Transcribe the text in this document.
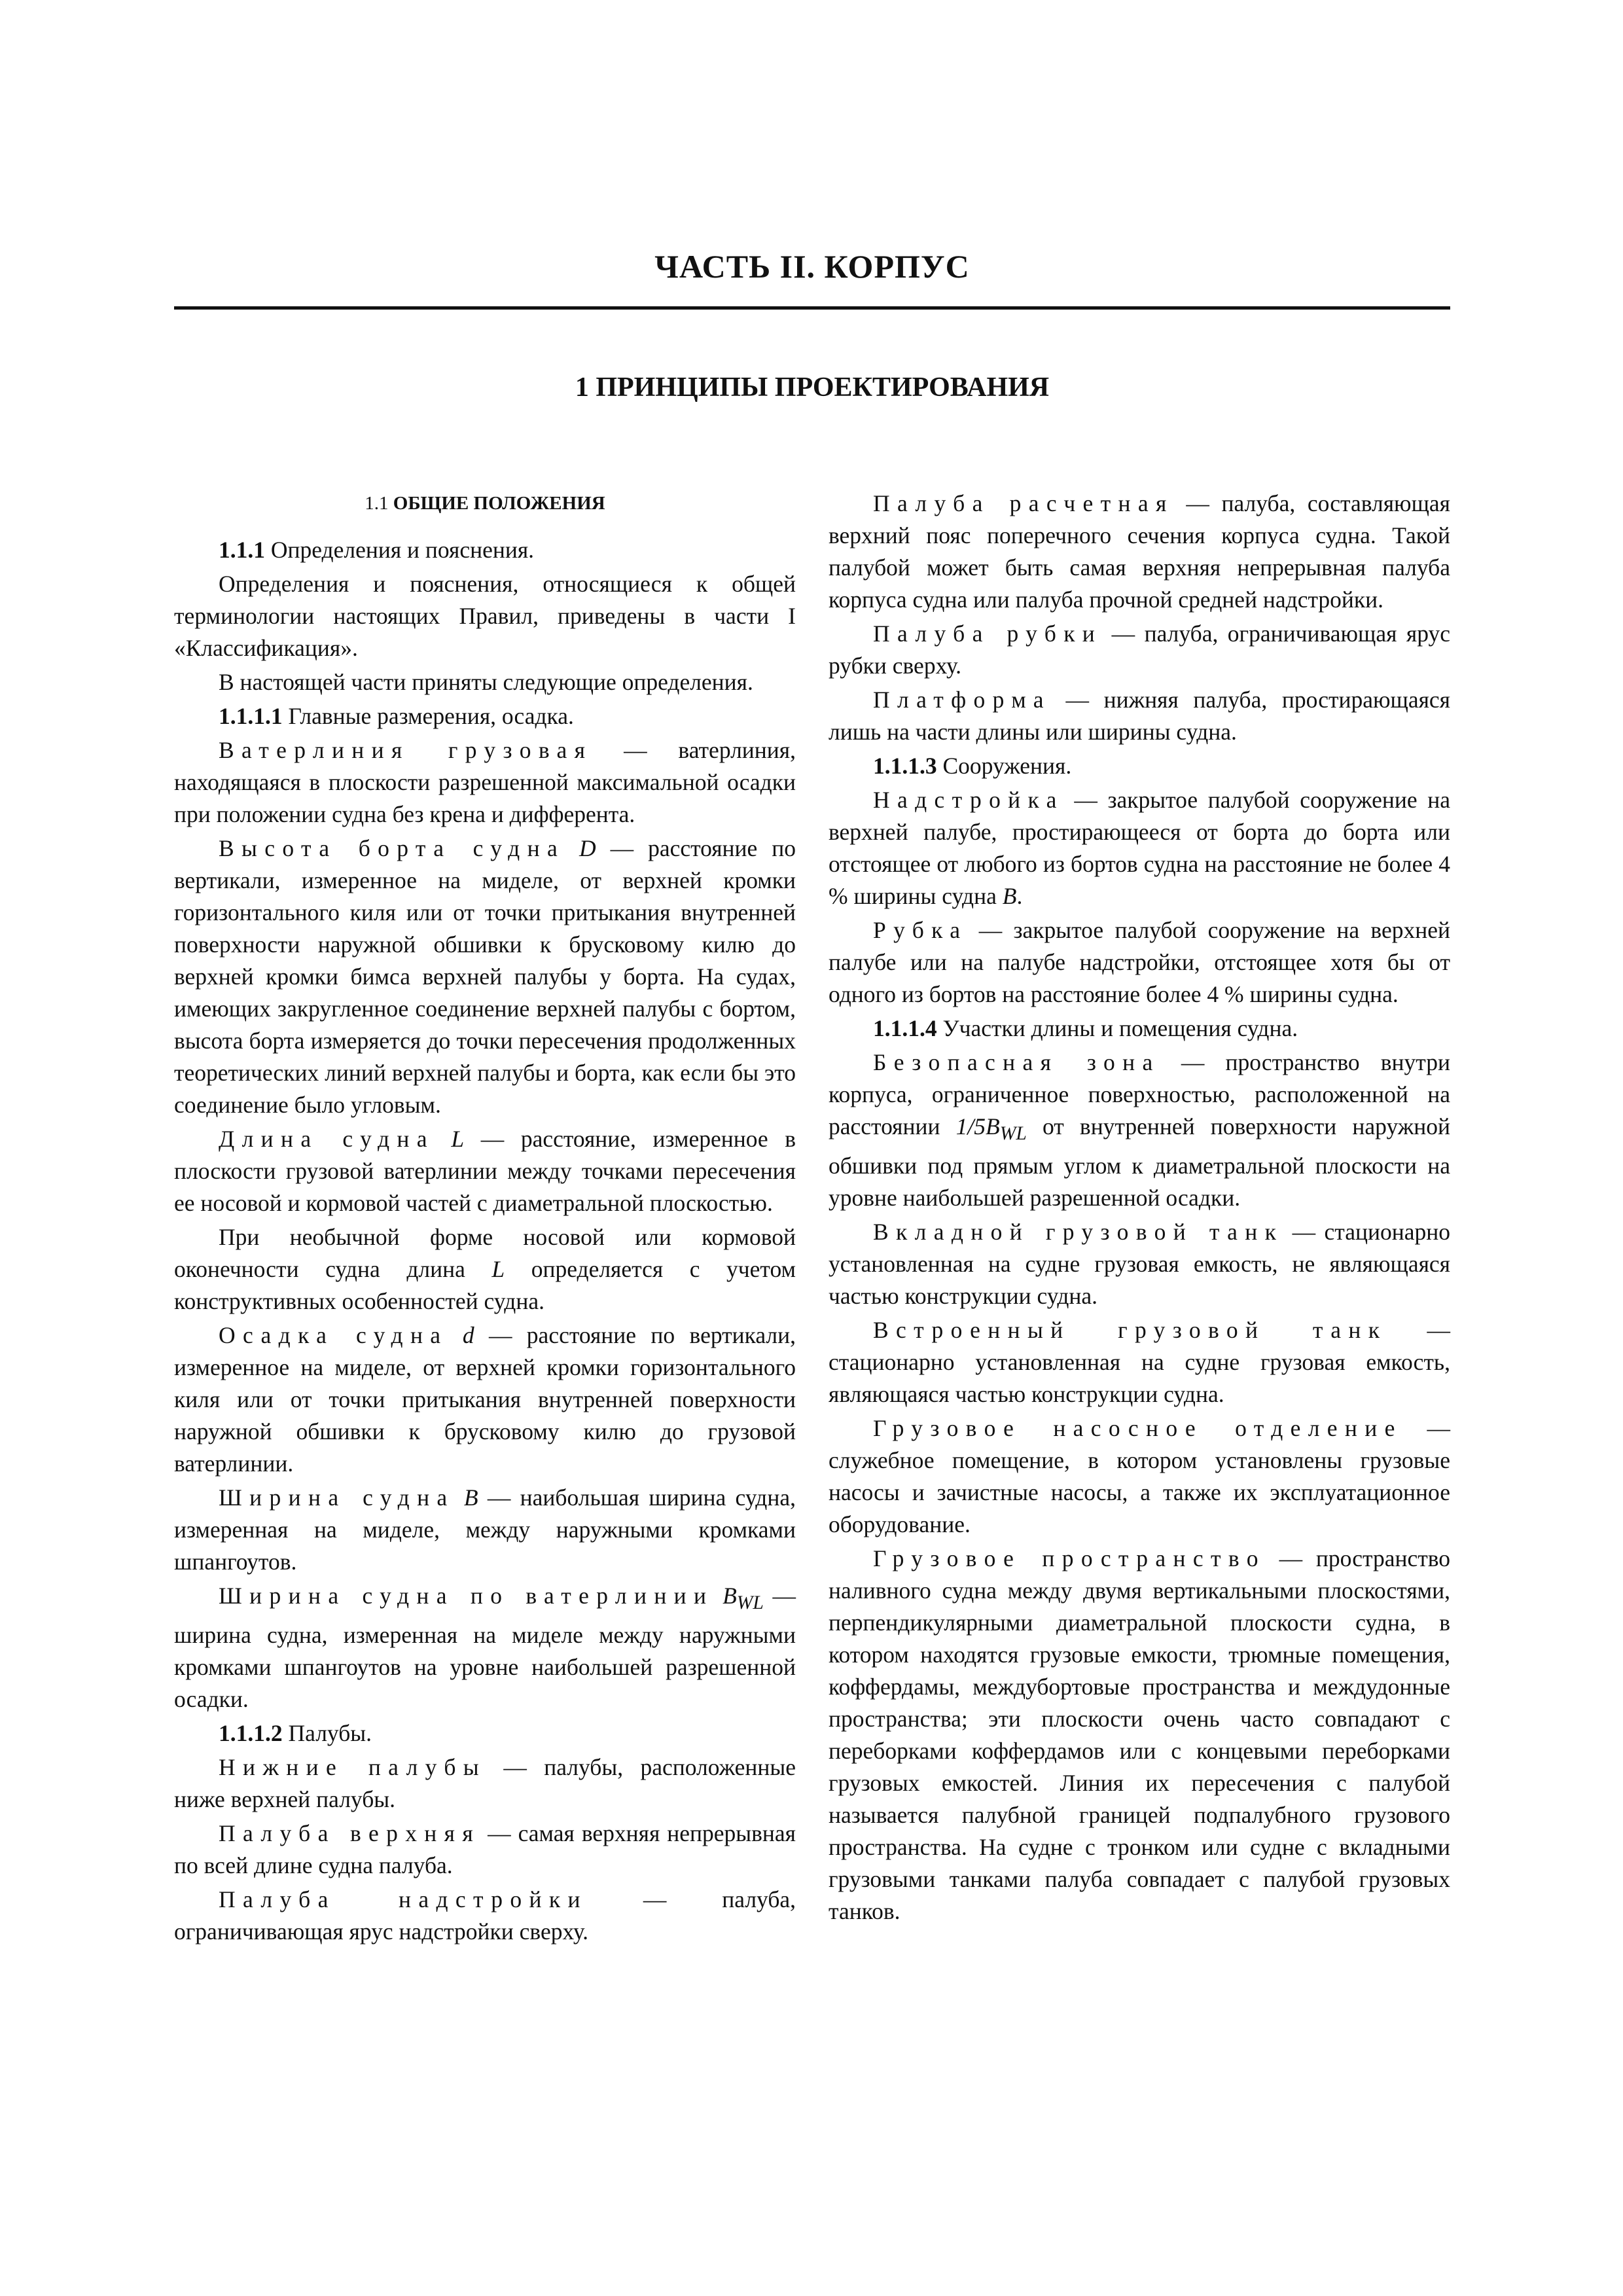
ЧАСТЬ II. КОРПУС
1 ПРИНЦИПЫ ПРОЕКТИРОВАНИЯ

1.1 ОБЩИЕ ПОЛОЖЕНИЯ

1.1.1 Определения и пояснения.

Определения и пояснения, относящиеся к общей терминологии настоящих Правил, приведены в части I «Классификация».

В настоящей части приняты следующие определения.

1.1.1.1 Главные размерения, осадка.

Ватерлиния грузовая — ватерлиния, находящаяся в плоскости разрешенной максимальной осадки при положении судна без крена и дифферента.

Высота борта судна D — расстояние по вертикали, измеренное на миделе, от верхней кромки горизонтального киля или от точки притыкания внутренней поверхности наружной обшивки к брусковому килю до верхней кромки бимса верхней палубы у борта. На судах, имеющих закругленное соединение верхней палубы с бортом, высота борта измеряется до точки пересечения продолженных теоретических линий верхней палубы и борта, как если бы это соединение было угловым.

Длина судна L — расстояние, измеренное в плоскости грузовой ватерлинии между точками пересечения ее носовой и кормовой частей с диаметральной плоскостью.

При необычной форме носовой или кормовой оконечности судна длина L определяется с учетом конструктивных особенностей судна.

Осадка судна d — расстояние по вертикали, измеренное на миделе, от верхней кромки горизонтального киля или от точки притыкания внутренней поверхности наружной обшивки к брусковому килю до грузовой ватерлинии.

Ширина судна B — наибольшая ширина судна, измеренная на миделе, между наружными кромками шпангоутов.

Ширина судна по ватерлинии $B_{WL}$ — ширина судна, измеренная на миделе между наружными кромками шпангоутов на уровне наибольшей разрешенной осадки.

1.1.1.2 Палубы.

Нижние палубы — палубы, расположенные ниже верхней палубы.

Палуба верхняя — самая верхняя непрерывная по всей длине судна палуба.

Палуба надстройки — палуба, ограничивающая ярус надстройки сверху.

Палуба расчетная — палуба, составляющая верхний пояс поперечного сечения корпуса судна. Такой палубой может быть самая верхняя непрерывная палуба корпуса судна или палуба прочной средней надстройки.

Палуба рубки — палуба, ограничивающая ярус рубки сверху.

Платформа — нижняя палуба, простирающаяся лишь на части длины или ширины судна.

1.1.1.3 Сооружения.

Надстройка — закрытое палубой сооружение на верхней палубе, простирающееся от борта до борта или отстоящее от любого из бортов судна на расстояние не более 4 % ширины судна B.

Рубка — закрытое палубой сооружение на верхней палубе или на палубе надстройки, отстоящее хотя бы от одного из бортов на расстояние более 4 % ширины судна.

1.1.1.4 Участки длины и помещения судна.

Безопасная зона — пространство внутри корпуса, ограниченное поверхностью, расположенной на расстоянии $1/5B_{WL}$ от внутренней поверхности наружной обшивки под прямым углом к диаметральной плоскости на уровне наибольшей разрешенной осадки.

Вкладной грузовой танк — стационарно установленная на судне грузовая емкость, не являющаяся частью конструкции судна.

Встроенный грузовой танк — стационарно установленная на судне грузовая емкость, являющаяся частью конструкции судна.

Грузовое насосное отделение — служебное помещение, в котором установлены грузовые насосы и зачистные насосы, а также их эксплуатационное оборудование.

Грузовое пространство — пространство наливного судна между двумя вертикальными плоскостями, перпендикулярными диаметральной плоскости судна, в котором находятся грузовые емкости, трюмные помещения, коффердамы, междубортовые пространства и междудонные пространства; эти плоскости очень часто совпадают с переборками коффердамов или с концевыми переборками грузовых емкостей. Линия их пересечения с палубой называется палубной границей подпалубного грузового пространства. На судне с тронком или судне с вкладными грузовыми танками палуба совпадает с палубой грузовых танков.
